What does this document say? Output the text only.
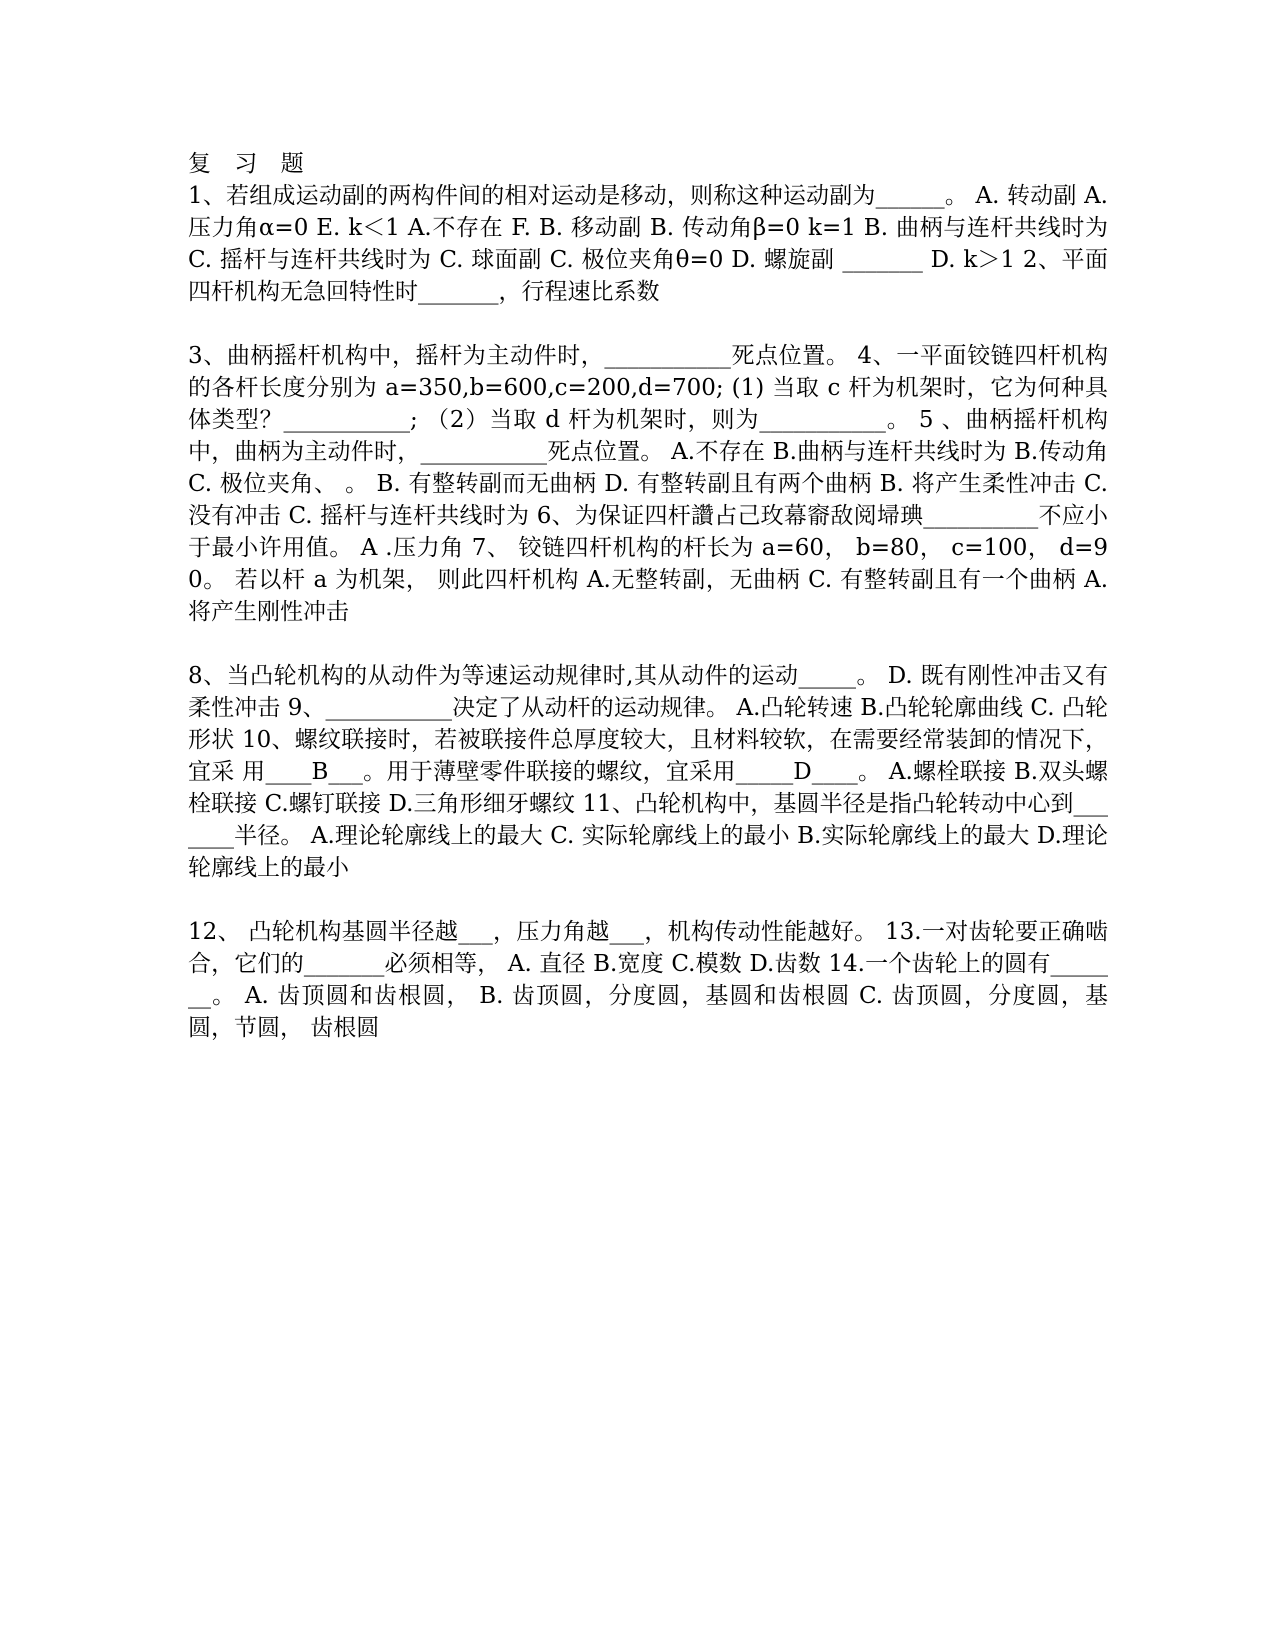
复 习 题

1、若组成运动副的两构件间的相对运动是移动，则称这种运动副为______。 A. 转动副 A. 压力角α=0 E. k＜1 A.不存在 F. B. 移动副 B. 传动角β=0 k=1 B. 曲柄与连杆共线时为 C. 摇杆与连杆共线时为 C. 球面副 C. 极位夹角θ=0 D. 螺旋副 _______ D. k＞1 2、平面四杆机构无急回特性时_______，行程速比系数

3、曲柄摇杆机构中，摇杆为主动件时，___________死点位置。 4、一平面铰链四杆机构的各杆长度分别为 a=350,b=600,c=200,d=700; (1) 当取 c 杆为机架时，它为何种具体类型？___________; （2）当取 d 杆为机架时，则为___________。 5 、曲柄摇杆机构中，曲柄为主动件时，___________死点位置。 A.不存在 B.曲柄与连杆共线时为 B.传动角 C. 极位夹角、 。 B. 有整转副而无曲柄 D. 有整转副且有两个曲柄 B. 将产生柔性冲击 C. 没有冲击 C. 摇杆与连杆共线时为 6、为保证四杆讚占己玫幕窬敌阅埽琠__________不应小于最小许用值。 A .压力角 7、 铰链四杆机构的杆长为 a=60， b=80， c=100， d=90。 若以杆 a 为机架， 则此四杆机构 A.无整转副，无曲柄 C. 有整转副且有一个曲柄 A. 将产生刚性冲击

8、当凸轮机构的从动件为等速运动规律时,其从动件的运动_____。 D. 既有刚性冲击又有柔性冲击 9、___________决定了从动杆的运动规律。 A.凸轮转速 B.凸轮轮廓曲线 C. 凸轮形状 10、螺纹联接时，若被联接件总厚度较大，且材料较软，在需要经常装卸的情况下，宜采 用____B___。用于薄壁零件联接的螺纹，宜采用_____D____。 A.螺栓联接 B.双头螺栓联接 C.螺钉联接 D.三角形细牙螺纹 11、凸轮机构中，基圆半径是指凸轮转动中心到_______半径。 A.理论轮廓线上的最大 C. 实际轮廓线上的最小 B.实际轮廓线上的最大 D.理论轮廓线上的最小

12、 凸轮机构基圆半径越___，压力角越___，机构传动性能越好。 13.一对齿轮要正确啮合，它们的_______必须相等， A. 直径 B.宽度 C.模数 D.齿数 14.一个齿轮上的圆有_______。 A. 齿顶圆和齿根圆， B. 齿顶圆，分度圆，基圆和齿根圆 C. 齿顶圆，分度圆，基圆，节圆， 齿根圆
